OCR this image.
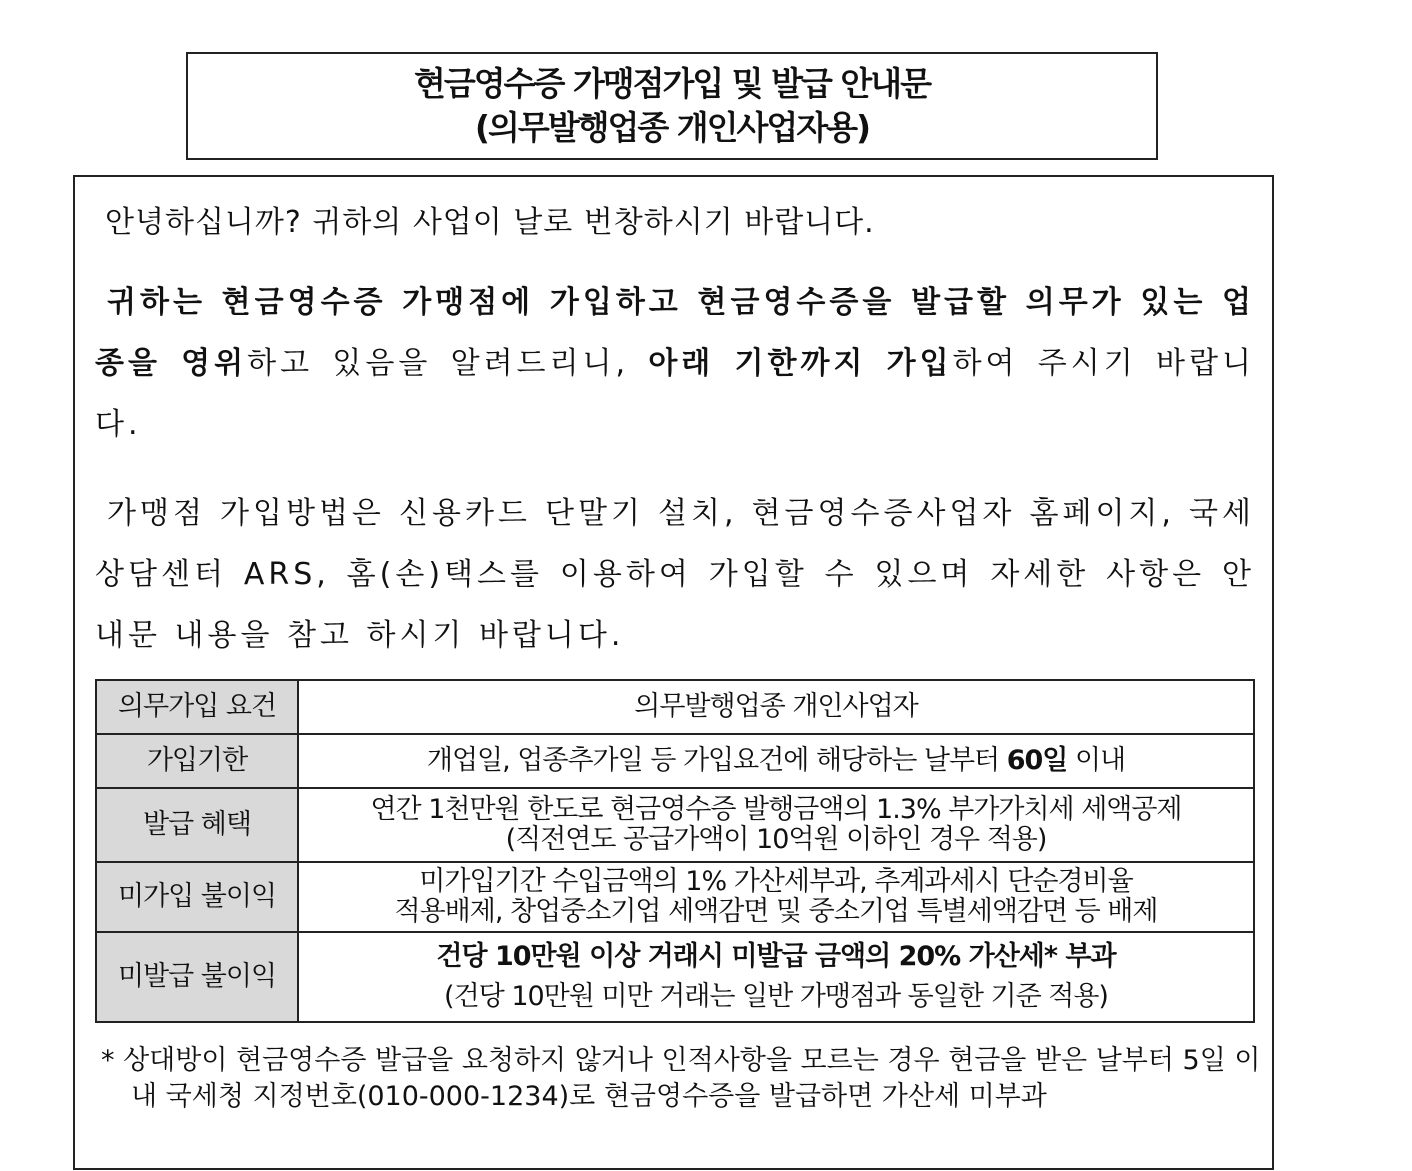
현금영수증 가맹점가입 및 발급 안내문
(의무발행업종 개인사업자용)
안녕하십니까? 귀하의 사업이 날로 번창하시기 바랍니다.
귀하는 현금영수증 가맹점에 가입하고 현금영수증을 발급할 의무가 있는 업종을 영위하고 있음을 알려드리니, 아래 기한까지 가입하여 주시기 바랍니다.
가맹점 가입방법은 신용카드 단말기 설치, 현금영수증사업자 홈페이지, 국세상담센터 ARS, 홈(손)택스를 이용하여 가입할 수 있으며 자세한 사항은 안내문 내용을 참고 하시기 바랍니다.
의무가입 요건	의무발행업종 개인사업자
가입기한	개업일, 업종추가일 등 가입요건에 해당하는 날부터 60일 이내
발급 혜택	연간 1천만원 한도로 현금영수증 발행금액의 1.3% 부가가치세 세액공제
(직전연도 공급가액이 10억원 이하인 경우 적용)

미가입 불이익	미가입기간 수입금액의 1% 가산세부과, 추계과세시 단순경비율
적용배제, 창업중소기업 세액감면 및 중소기업 특별세액감면 등 배제

미발급 불이익	건당 10만원 이상 거래시 미발급 금액의 20% 가산세* 부과
(건당 10만원 미만 거래는 일반 가맹점과 동일한 기준 적용)
* 상대방이 현금영수증 발급을 요청하지 않거나 인적사항을 모르는 경우 현금을 받은 날부터 5일 이내 국세청 지정번호(010-000-1234)로 현금영수증을 발급하면 가산세 미부과
